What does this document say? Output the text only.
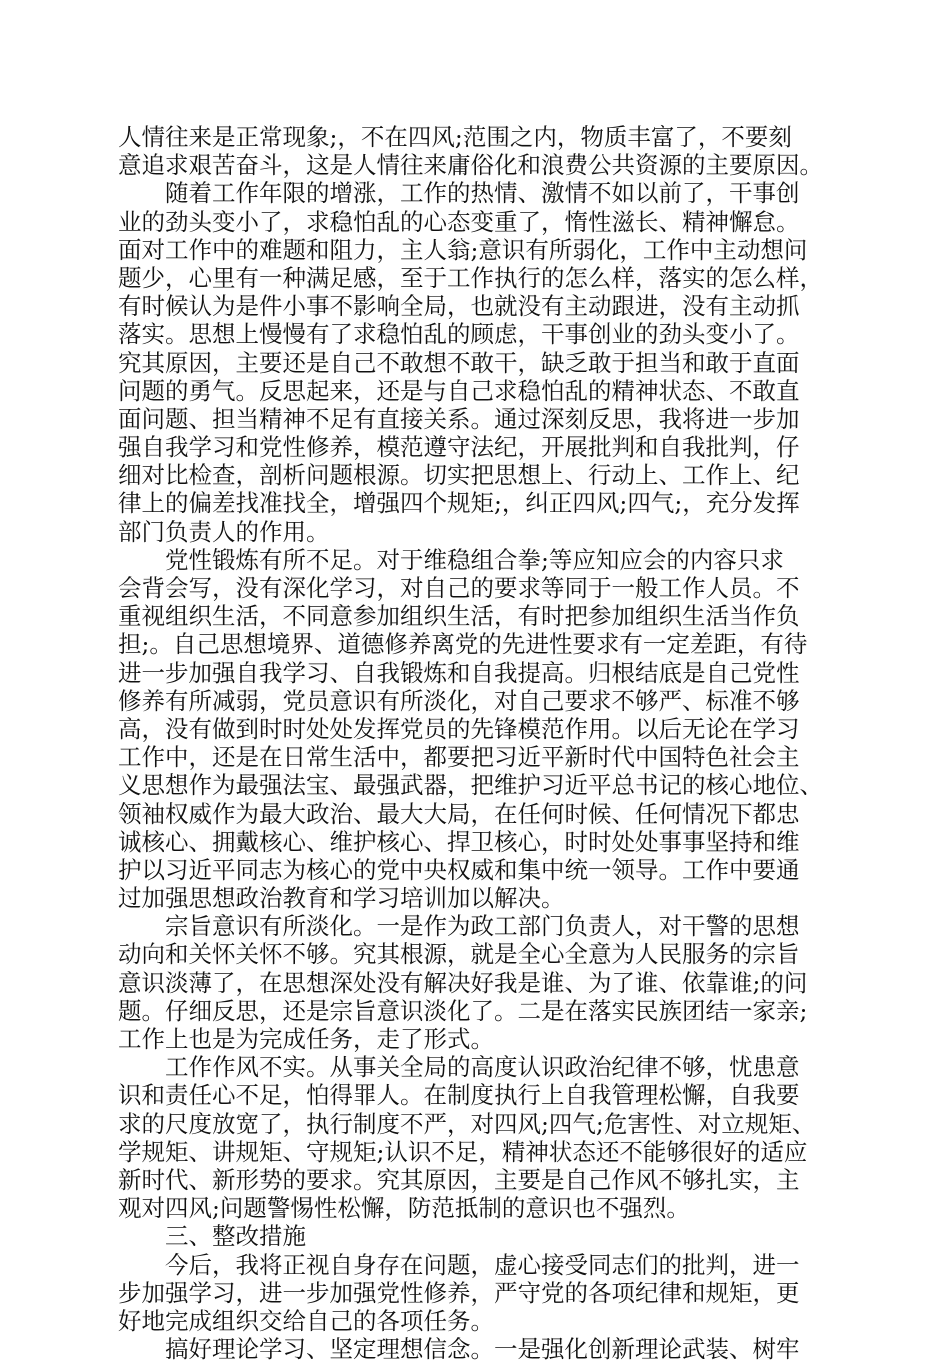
人情往来是正常现象;，不在四风;范围之内，物质丰富了，不要刻
意追求艰苦奋斗，这是人情往来庸俗化和浪费公共资源的主要原因。
　　随着工作年限的增涨，工作的热情、激情不如以前了，干事创
业的劲头变小了，求稳怕乱的心态变重了，惰性滋长、精神懈怠。
面对工作中的难题和阻力，主人翁;意识有所弱化，工作中主动想问
题少，心里有一种满足感，至于工作执行的怎么样，落实的怎么样，
有时候认为是件小事不影响全局，也就没有主动跟进，没有主动抓
落实。思想上慢慢有了求稳怕乱的顾虑，干事创业的劲头变小了。
究其原因，主要还是自己不敢想不敢干，缺乏敢于担当和敢于直面
问题的勇气。反思起来，还是与自己求稳怕乱的精神状态、不敢直
面问题、担当精神不足有直接关系。通过深刻反思，我将进一步加
强自我学习和党性修养，模范遵守法纪，开展批判和自我批判，仔
细对比检查，剖析问题根源。切实把思想上、行动上、工作上、纪
律上的偏差找准找全，增强四个规矩;，纠正四风;四气;，充分发挥
部门负责人的作用。
　　党性锻炼有所不足。对于维稳组合拳;等应知应会的内容只求
会背会写，没有深化学习，对自己的要求等同于一般工作人员。不
重视组织生活，不同意参加组织生活，有时把参加组织生活当作负
担;。自己思想境界、道德修养离党的先进性要求有一定差距，有待
进一步加强自我学习、自我锻炼和自我提高。归根结底是自己党性
修养有所减弱，党员意识有所淡化，对自己要求不够严、标准不够
高，没有做到时时处处发挥党员的先锋模范作用。以后无论在学习
工作中，还是在日常生活中，都要把习近平新时代中国特色社会主
义思想作为最强法宝、最强武器，把维护习近平总书记的核心地位、
领袖权威作为最大政治、最大大局，在任何时候、任何情况下都忠
诚核心、拥戴核心、维护核心、捍卫核心，时时处处事事坚持和维
护以习近平同志为核心的党中央权威和集中统一领导。工作中要通
过加强思想政治教育和学习培训加以解决。
　　宗旨意识有所淡化。一是作为政工部门负责人，对干警的思想
动向和关怀关怀不够。究其根源，就是全心全意为人民服务的宗旨
意识淡薄了，在思想深处没有解决好我是谁、为了谁、依靠谁;的问
题。仔细反思，还是宗旨意识淡化了。二是在落实民族团结一家亲;
工作上也是为完成任务，走了形式。
　　工作作风不实。从事关全局的高度认识政治纪律不够，忧患意
识和责任心不足，怕得罪人。在制度执行上自我管理松懈，自我要
求的尺度放宽了，执行制度不严，对四风;四气;危害性、对立规矩、
学规矩、讲规矩、守规矩;认识不足，精神状态还不能够很好的适应
新时代、新形势的要求。究其原因，主要是自己作风不够扎实，主
观对四风;问题警惕性松懈，防范抵制的意识也不强烈。
　　三、整改措施
　　今后，我将正视自身存在问题，虚心接受同志们的批判，进一
步加强学习，进一步加强党性修养，严守党的各项纪律和规矩，更
好地完成组织交给自己的各项任务。
　　搞好理论学习、坚定理想信念。一是强化创新理论武装、树牢
